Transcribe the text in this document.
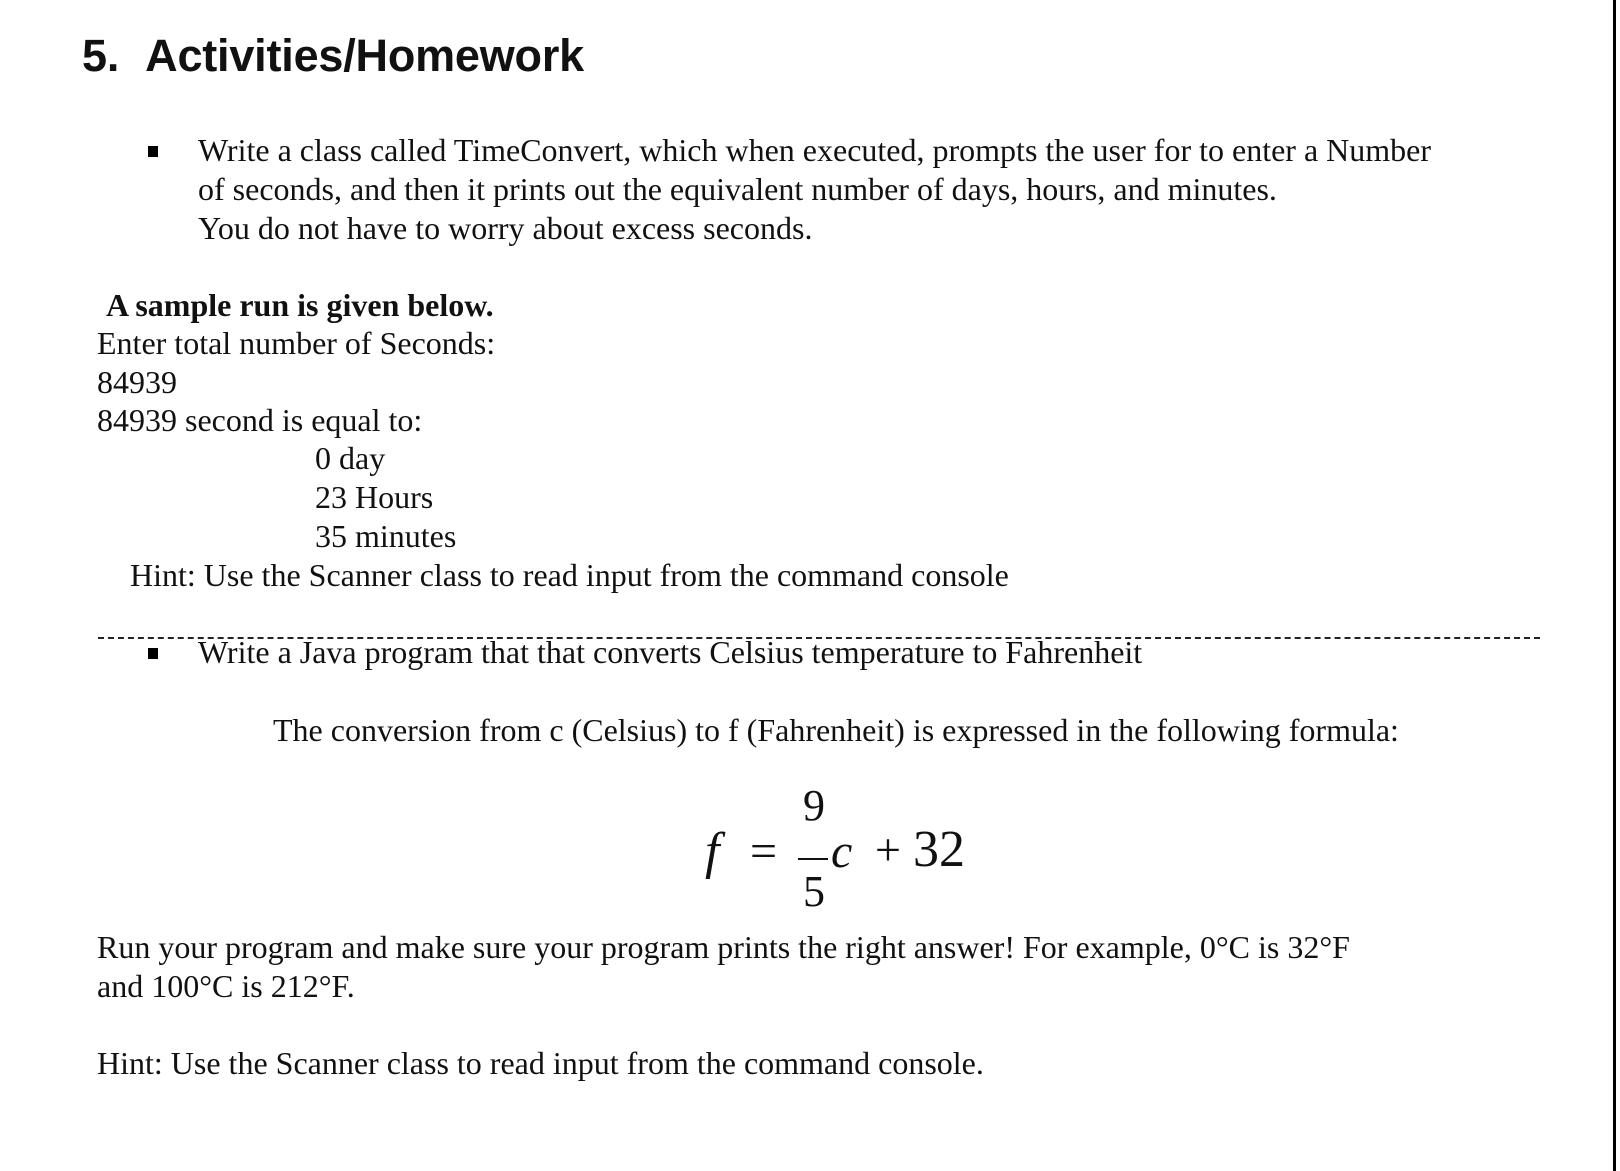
5. Activities/Homework
Write a class called TimeConvert, which when executed, prompts the user for to enter a Number
of seconds, and then it prints out the equivalent number of days, hours, and minutes.
You do not have to worry about excess seconds.
A sample run is given below.
Enter total number of Seconds:
84939
84939 second is equal to:
0 day
23 Hours
35 minutes
Hint: Use the Scanner class to read input from the command console
Write a Java program that that converts Celsius temperature to Fahrenheit
The conversion from c (Celsius) to f (Fahrenheit) is expressed in the following formula:
f =
9
5
c + 32
Run your program and make sure your program prints the right answer! For example, 0°C is 32°F
and 100°C is 212°F.
Hint: Use the Scanner class to read input from the command console.
